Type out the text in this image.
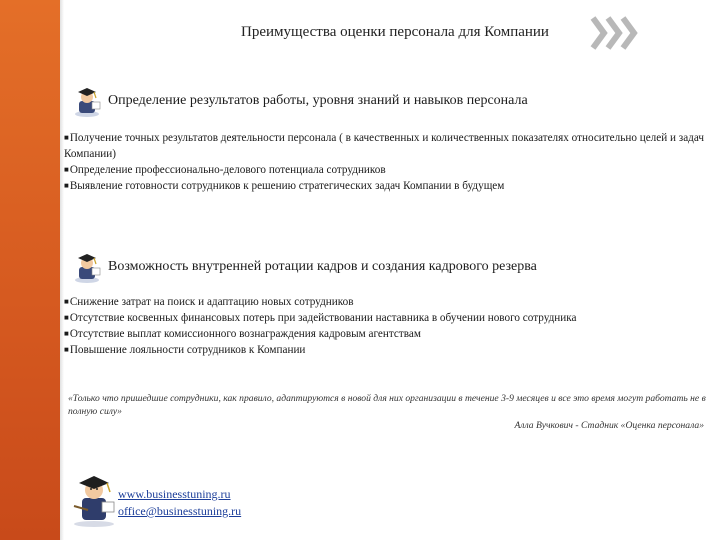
Преимущества оценки персонала для Компании
Определение результатов работы, уровня знаний и навыков персонала
■Получение точных результатов деятельности персонала ( в качественных и количественных показателях относительно целей и задач Компании)
■Определение профессионально-делового потенциала сотрудников
■Выявление готовности сотрудников к решению стратегических задач Компании в будущем
Возможность внутренней ротации кадров и создания кадрового резерва
■Снижение затрат на поиск и адаптацию новых сотрудников
■Отсутствие косвенных финансовых потерь при задействовании наставника в обучении нового сотрудника
■Отсутствие выплат комиссионного вознаграждения кадровым агентствам
■Повышение лояльности сотрудников к Компании
«Только что пришедшие сотрудники, как правило, адаптируются в новой для них организации в течение 3-9 месяцев и все это время могут работать не в полную силу»
Алла Вучкович - Стадник «Оценка персонала»
www.businesstuning.ru
office@businesstuning.ru
